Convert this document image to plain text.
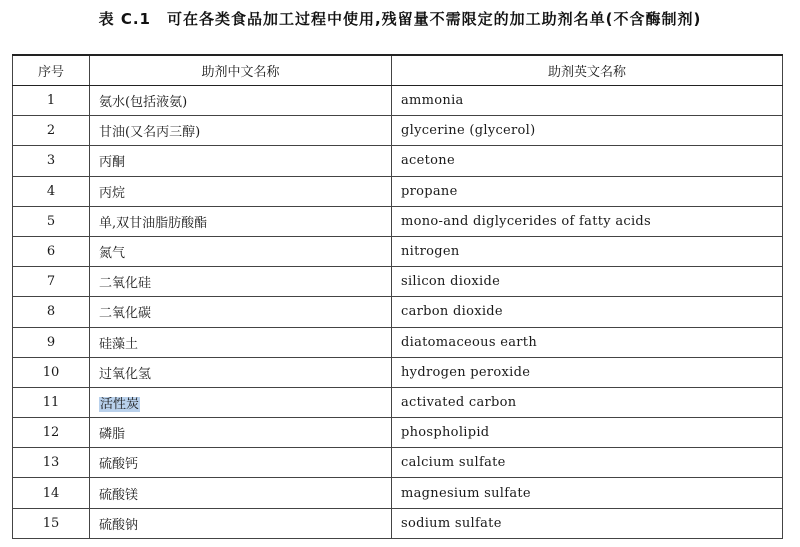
表 C.1　可在各类食品加工过程中使用,残留量不需限定的加工助剂名单(不含酶制剂)
序号	助剂中文名称	助剂英文名称
1	氨水(包括液氨)	ammonia
2	甘油(又名丙三醇)	glycerine (glycerol)
3	丙酮	acetone
4	丙烷	propane
5	单,双甘油脂肪酸酯	mono-and diglycerides of fatty acids
6	氮气	nitrogen
7	二氧化硅	silicon dioxide
8	二氧化碳	carbon dioxide
9	硅藻土	diatomaceous earth
10	过氧化氢	hydrogen peroxide
11	活性炭	activated carbon
12	磷脂	phospholipid
13	硫酸钙	calcium sulfate
14	硫酸镁	magnesium sulfate
15	硫酸钠	sodium sulfate
